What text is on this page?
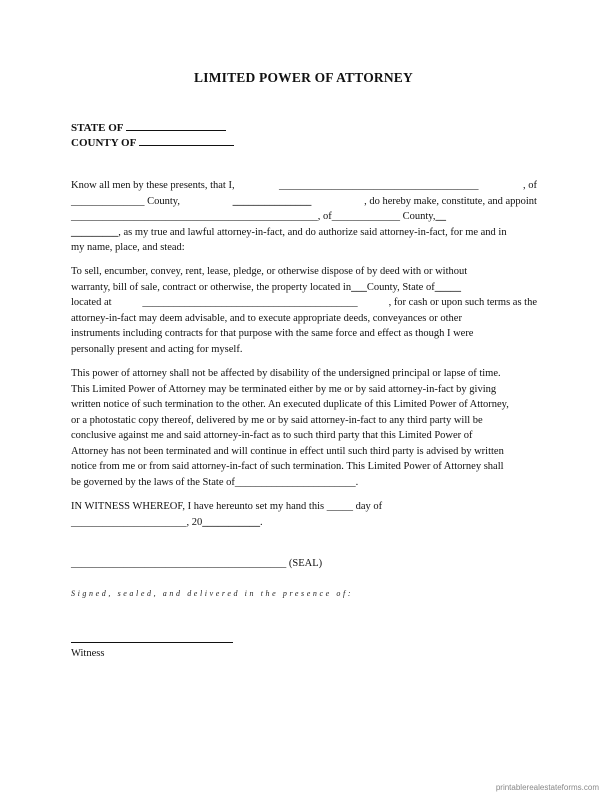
LIMITED POWER OF ATTORNEY
STATE OF
COUNTY OF
Know all men by these presents, that I,	______________________________________	, of
______________ County,	_______________	, do hereby make, constitute, and appoint
_______________________________________________ , of _____________ County, __
_________ , as my true and lawful attorney-in-fact, and do authorize said attorney-in-fact, for me and in
my name, place, and stead:
To sell, encumber, convey, rent, lease, pledge, or otherwise dispose of by deed with or without
warranty, bill of sale, contract or otherwise, the property located in ___ County, State of _____
located at	_________________________________________	, for cash or upon such terms as the
attorney-in-fact may deem advisable, and to execute appropriate deeds, conveyances or other
instruments including contracts for that purpose with the same force and effect as though I were
personally present and acting for myself.
This power of attorney shall not be affected by disability of the undersigned principal or lapse of time.
This Limited Power of Attorney may be terminated either by me or by said attorney-in-fact by giving
written notice of such termination to the other. An executed duplicate of this Limited Power of Attorney,
or a photostatic copy thereof, delivered by me or by said attorney-in-fact to any third party will be
conclusive against me and said attorney-in-fact as to such third party that this Limited Power of
Attorney has not been terminated and will continue in effect until such third party is advised by written
notice from me or from said attorney-in-fact of such termination. This Limited Power of Attorney shall
be governed by the laws of the State of _______________________ .
IN WITNESS WHEREOF, I have hereunto set my hand this _____ day of
______________________, 20 ___________ .
_________________________________________ (SEAL)
Signed, sealed, and delivered in the presence of:
Witness
printablerealestateforms.com
